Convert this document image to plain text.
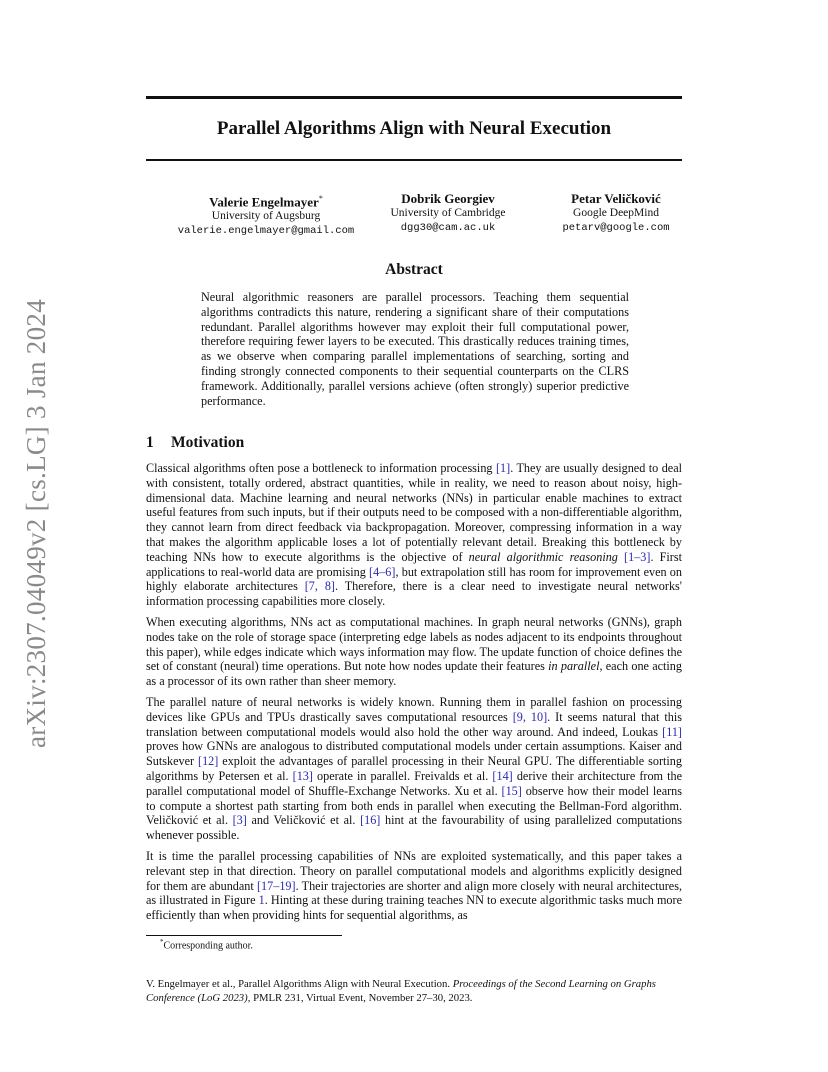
arXiv:2307.04049v2 [cs.LG] 3 Jan 2024
Parallel Algorithms Align with Neural Execution
Valerie Engelmayer*
University of Augsburg
valerie.engelmayer@gmail.com
Dobrik Georgiev
University of Cambridge
dgg30@cam.ac.uk
Petar Veličković
Google DeepMind
petarv@google.com
Abstract
Neural algorithmic reasoners are parallel processors. Teaching them sequential algorithms contradicts this nature, rendering a significant share of their computations redundant. Parallel algorithms however may exploit their full computational power, therefore requiring fewer layers to be executed. This drastically reduces training times, as we observe when comparing parallel implementations of searching, sorting and finding strongly connected components to their sequential counterparts on the CLRS framework. Additionally, parallel versions achieve (often strongly) superior predictive performance.
1 Motivation

Classical algorithms often pose a bottleneck to information processing [1]. They are usually designed to deal with consistent, totally ordered, abstract quantities, while in reality, we need to reason about noisy, high-dimensional data. Machine learning and neural networks (NNs) in particular enable machines to extract useful features from such inputs, but if their outputs need to be composed with a non-differentiable algorithm, they cannot learn from direct feedback via backpropagation. Moreover, compressing information in a way that makes the algorithm applicable loses a lot of potentially relevant detail. Breaking this bottleneck by teaching NNs how to execute algorithms is the objective of neural algorithmic reasoning [1–3]. First applications to real-world data are promising [4–6], but extrapolation still has room for improvement even on highly elaborate architectures [7, 8]. Therefore, there is a clear need to investigate neural networks' information processing capabilities more closely.

When executing algorithms, NNs act as computational machines. In graph neural networks (GNNs), graph nodes take on the role of storage space (interpreting edge labels as nodes adjacent to its endpoints throughout this paper), while edges indicate which ways information may flow. The update function of choice defines the set of constant (neural) time operations. But note how nodes update their features in parallel, each one acting as a processor of its own rather than sheer memory.

The parallel nature of neural networks is widely known. Running them in parallel fashion on processing devices like GPUs and TPUs drastically saves computational resources [9, 10]. It seems natural that this translation between computational models would also hold the other way around. And indeed, Loukas [11] proves how GNNs are analogous to distributed computational models under certain assumptions. Kaiser and Sutskever [12] exploit the advantages of parallel processing in their Neural GPU. The differentiable sorting algorithms by Petersen et al. [13] operate in parallel. Freivalds et al. [14] derive their architecture from the parallel computational model of Shuffle-Exchange Networks. Xu et al. [15] observe how their model learns to compute a shortest path starting from both ends in parallel when executing the Bellman-Ford algorithm. Veličković et al. [3] and Veličković et al. [16] hint at the favourability of using parallelized computations whenever possible.

It is time the parallel processing capabilities of NNs are exploited systematically, and this paper takes a relevant step in that direction. Theory on parallel computational models and algorithms explicitly designed for them are abundant [17–19]. Their trajectories are shorter and align more closely with neural architectures, as illustrated in Figure 1. Hinting at these during training teaches NN to execute algorithmic tasks much more efficiently than when providing hints for sequential algorithms, as

*Corresponding author.
V. Engelmayer et al., Parallel Algorithms Align with Neural Execution. Proceedings of the Second Learning on Graphs Conference (LoG 2023), PMLR 231, Virtual Event, November 27–30, 2023.
